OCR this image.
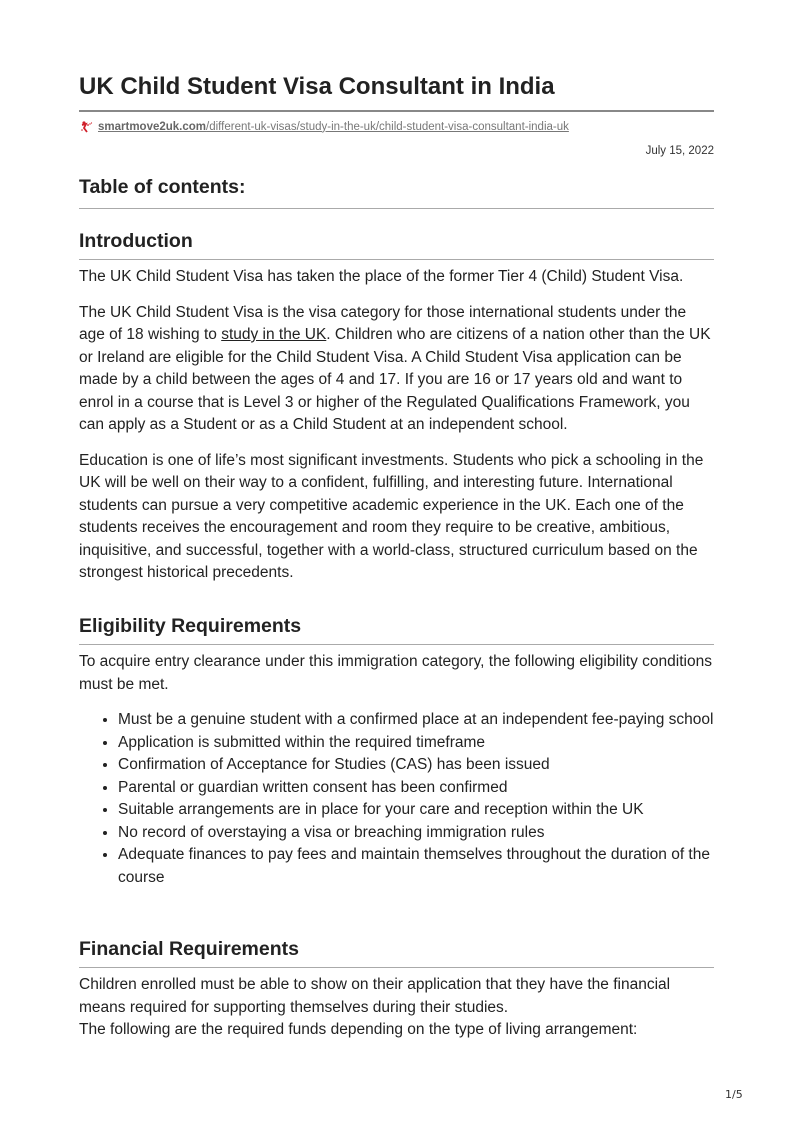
UK Child Student Visa Consultant in India
smartmove2uk.com/different-uk-visas/study-in-the-uk/child-student-visa-consultant-india-uk
July 15, 2022
Table of contents:
Introduction

The UK Child Student Visa has taken the place of the former Tier 4 (Child) Student Visa.

The UK Child Student Visa is the visa category for those international students under the age of 18 wishing to study in the UK. Children who are citizens of a nation other than the UK or Ireland are eligible for the Child Student Visa. A Child Student Visa application can be made by a child between the ages of 4 and 17. If you are 16 or 17 years old and want to enrol in a course that is Level 3 or higher of the Regulated Qualifications Framework, you can apply as a Student or as a Child Student at an independent school.

Education is one of life’s most significant investments. Students who pick a schooling in the UK will be well on their way to a confident, fulfilling, and interesting future. International students can pursue a very competitive academic experience in the UK. Each one of the students receives the encouragement and room they require to be creative, ambitious, inquisitive, and successful, together with a world-class, structured curriculum based on the strongest historical precedents.

Eligibility Requirements

To acquire entry clearance under this immigration category, the following eligibility conditions must be met.

• Must be a genuine student with a confirmed place at an independent fee-paying school
• Application is submitted within the required timeframe
• Confirmation of Acceptance for Studies (CAS) has been issued
• Parental or guardian written consent has been confirmed
• Suitable arrangements are in place for your care and reception within the UK
• No record of overstaying a visa or breaching immigration rules
• Adequate finances to pay fees and maintain themselves throughout the duration of the course
Financial Requirements

Children enrolled must be able to show on their application that they have the financial means required for supporting themselves during their studies.

The following are the required funds depending on the type of living arrangement:

1/5
